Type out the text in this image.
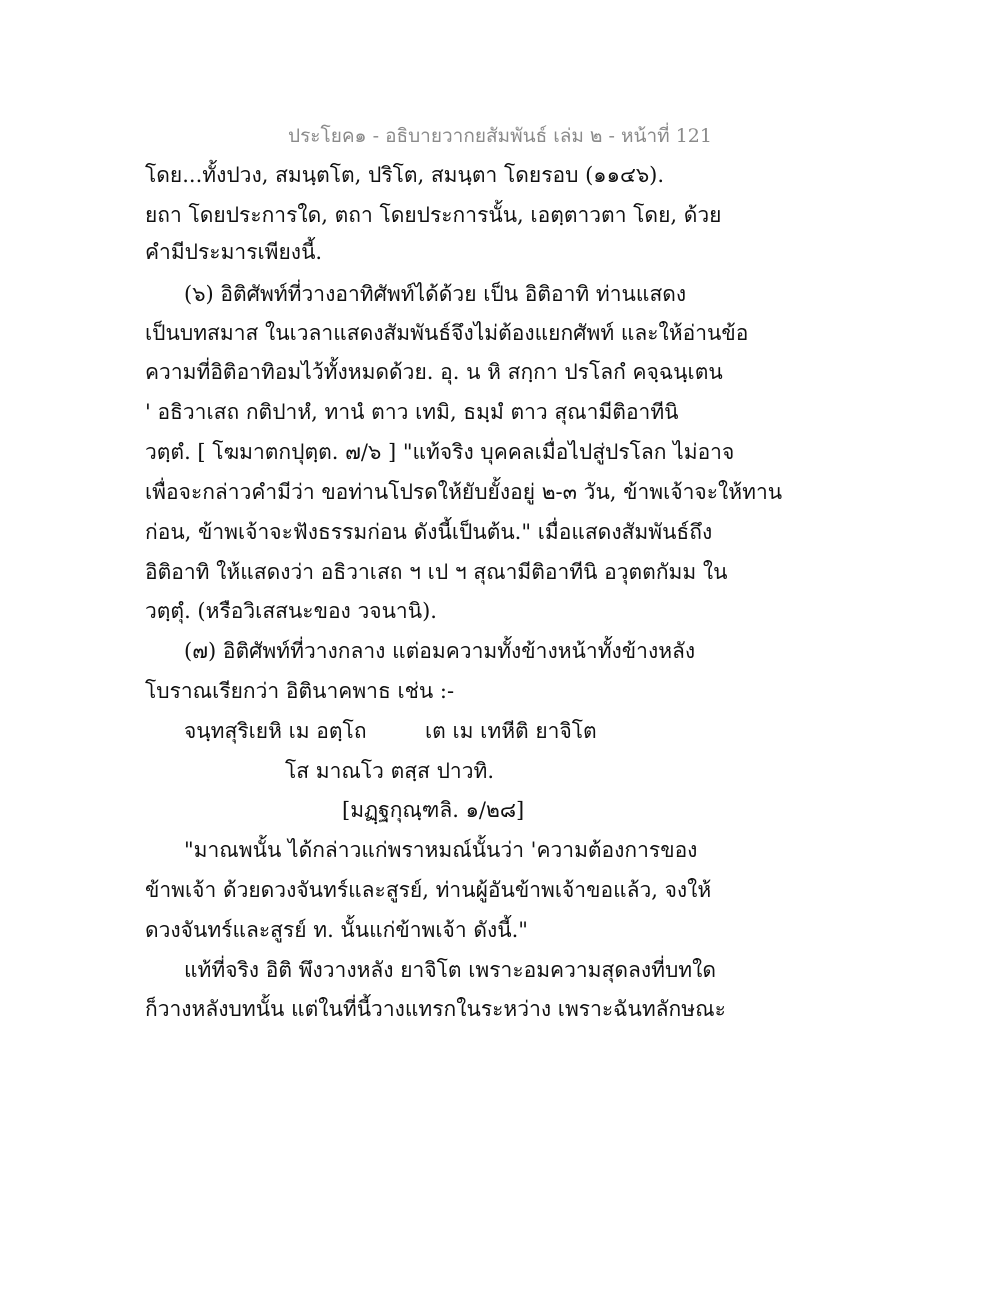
ประโยค๑ - อธิบายวากยสัมพันธ์ เล่ม ๒ - หน้าที่ 121
โดย...ทั้งปวง, สมนฺตโต, ปริโต, สมนฺตา โดยรอบ (๑๑๔๖).
ยถา โดยประการใด, ตถา โดยประการนั้น, เอตฺตาวตา โดย, ด้วย
คำมีประมารเพียงนี้.
(๖) อิติศัพท์ที่วางอาทิศัพท์ได้ด้วย เป็น อิติอาทิ ท่านแสดง
เป็นบทสมาส ในเวลาแสดงสัมพันธ์จึงไม่ต้องแยกศัพท์ และให้อ่านข้อ
ความที่อิติอาทิอมไว้ทั้งหมดด้วย. อุ. น หิ สกฺกา ปรโลกํ คจฺฉนฺเตน
' อธิวาเสถ กติปาหํ, ทานํ ตาว เทมิ, ธมฺมํ ตาว สุณามีติอาทีนิ
วตฺตํ. [ โฆมาตกปุตฺต. ๗/๖ ] "แท้จริง บุคคลเมื่อไปสู่ปรโลก ไม่อาจ
เพื่อจะกล่าวคำมีว่า ขอท่านโปรดให้ยับยั้งอยู่ ๒-๓ วัน, ข้าพเจ้าจะให้ทาน
ก่อน, ข้าพเจ้าจะฟังธรรมก่อน ดังนี้เป็นต้น." เมื่อแสดงสัมพันธ์ถึง
อิติอาทิ ให้แสดงว่า อธิวาเสถ ฯ เป ฯ สุณามีติอาทีนิ อวุตตกัมม ใน
วตฺตุํ. (หรือวิเสสนะของ วจนานิ).
(๗) อิติศัพท์ที่วางกลาง แต่อมความทั้งข้างหน้าทั้งข้างหลัง
โบราณเรียกว่า อิตินาคพาธ เช่น :-
จนฺทสุริเยหิ เม อตฺโถ	เต เม เทหีติ ยาจิโต
โส มาณโว ตสฺส ปาวทิ.
[มฏฺฐกุณฺฑลิ. ๑/๒๘]
"มาณพนั้น ได้กล่าวแก่พราหมณ์นั้นว่า 'ความต้องการของ
ข้าพเจ้า ด้วยดวงจันทร์และสูรย์, ท่านผู้อันข้าพเจ้าขอแล้ว, จงให้
ดวงจันทร์และสูรย์ ท. นั้นแก่ข้าพเจ้า ดังนี้."
แท้ที่จริง อิติ พึงวางหลัง ยาจิโต เพราะอมความสุดลงที่บทใด
ก็วางหลังบทนั้น แต่ในที่นี้วางแทรกในระหว่าง เพราะฉันทลักษณะ
